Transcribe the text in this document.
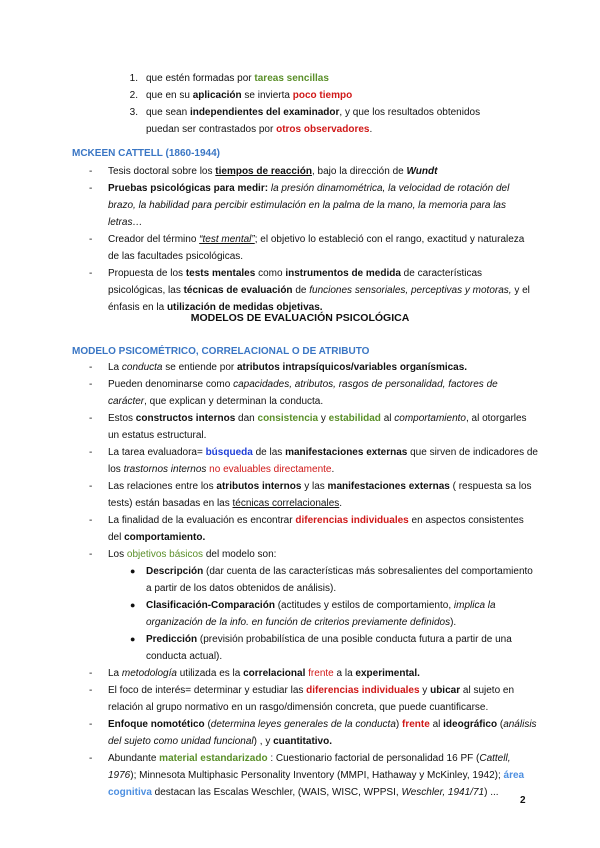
1. que estén formadas por tareas sencillas
2. que en su aplicación se invierta poco tiempo
3. que sean independientes del examinador, y que los resultados obtenidos puedan ser contrastados por otros observadores.
MCKEEN CATTELL (1860-1944)
- Tesis doctoral sobre los tiempos de reacción, bajo la dirección de Wundt
- Pruebas psicológicas para medir: la presión dinamométrica, la velocidad de rotación del brazo, la habilidad para percibir estimulación en la palma de la mano, la memoria para las letras…
- Creador del término “test mental”; el objetivo lo estableció con el rango, exactitud y naturaleza de las facultades psicológicas.
- Propuesta de los tests mentales como instrumentos de medida de características psicológicas, las técnicas de evaluación de funciones sensoriales, perceptivas y motoras, y el énfasis en la utilización de medidas objetivas.
MODELOS DE EVALUACIÓN PSICOLÓGICA
MODELO PSICOMÉTRICO, CORRELACIONAL O DE ATRIBUTO
- La conducta se entiende por atributos intrapsíquicos/variables organísmicas.
- Pueden denominarse como capacidades, atributos, rasgos de personalidad, factores de carácter, que explican y determinan la conducta.
- Estos constructos internos dan consistencia y estabilidad al comportamiento, al otorgarles un estatus estructural.
- La tarea evaluadora= búsqueda de las manifestaciones externas que sirven de indicadores de los trastornos internos no evaluables directamente.
- Las relaciones entre los atributos internos y las manifestaciones externas ( respuesta sa los tests) están basadas en las técnicas correlacionales.
- La finalidad de la evaluación es encontrar diferencias individuales en aspectos consistentes del comportamiento.
- Los objetivos básicos del modelo son:
● Descripción (dar cuenta de las características más sobresalientes del comportamiento a partir de los datos obtenidos de análisis).
● Clasificación-Comparación (actitudes y estilos de comportamiento, implica la organización de la info. en función de criterios previamente definidos).
● Predicción (previsión probabilística de una posible conducta futura a partir de una conducta actual).
- La metodología utilizada es la correlacional frente a la experimental.
- El foco de interés= determinar y estudiar las diferencias individuales y ubicar al sujeto en relación al grupo normativo en un rasgo/dimensión concreta, que puede cuantificarse.
- Enfoque nomotético (determina leyes generales de la conducta) frente al ideográfico (análisis del sujeto como unidad funcional) , y cuantitativo.
- Abundante material estandarizado : Cuestionario factorial de personalidad 16 PF (Cattell, 1976); Minnesota Multiphasic Personality Inventory (MMPI, Hathaway y McKinley, 1942); área cognitiva destacan las Escalas Weschler, (WAIS, WISC, WPPSI, Weschler, 1941/71) ...
2
